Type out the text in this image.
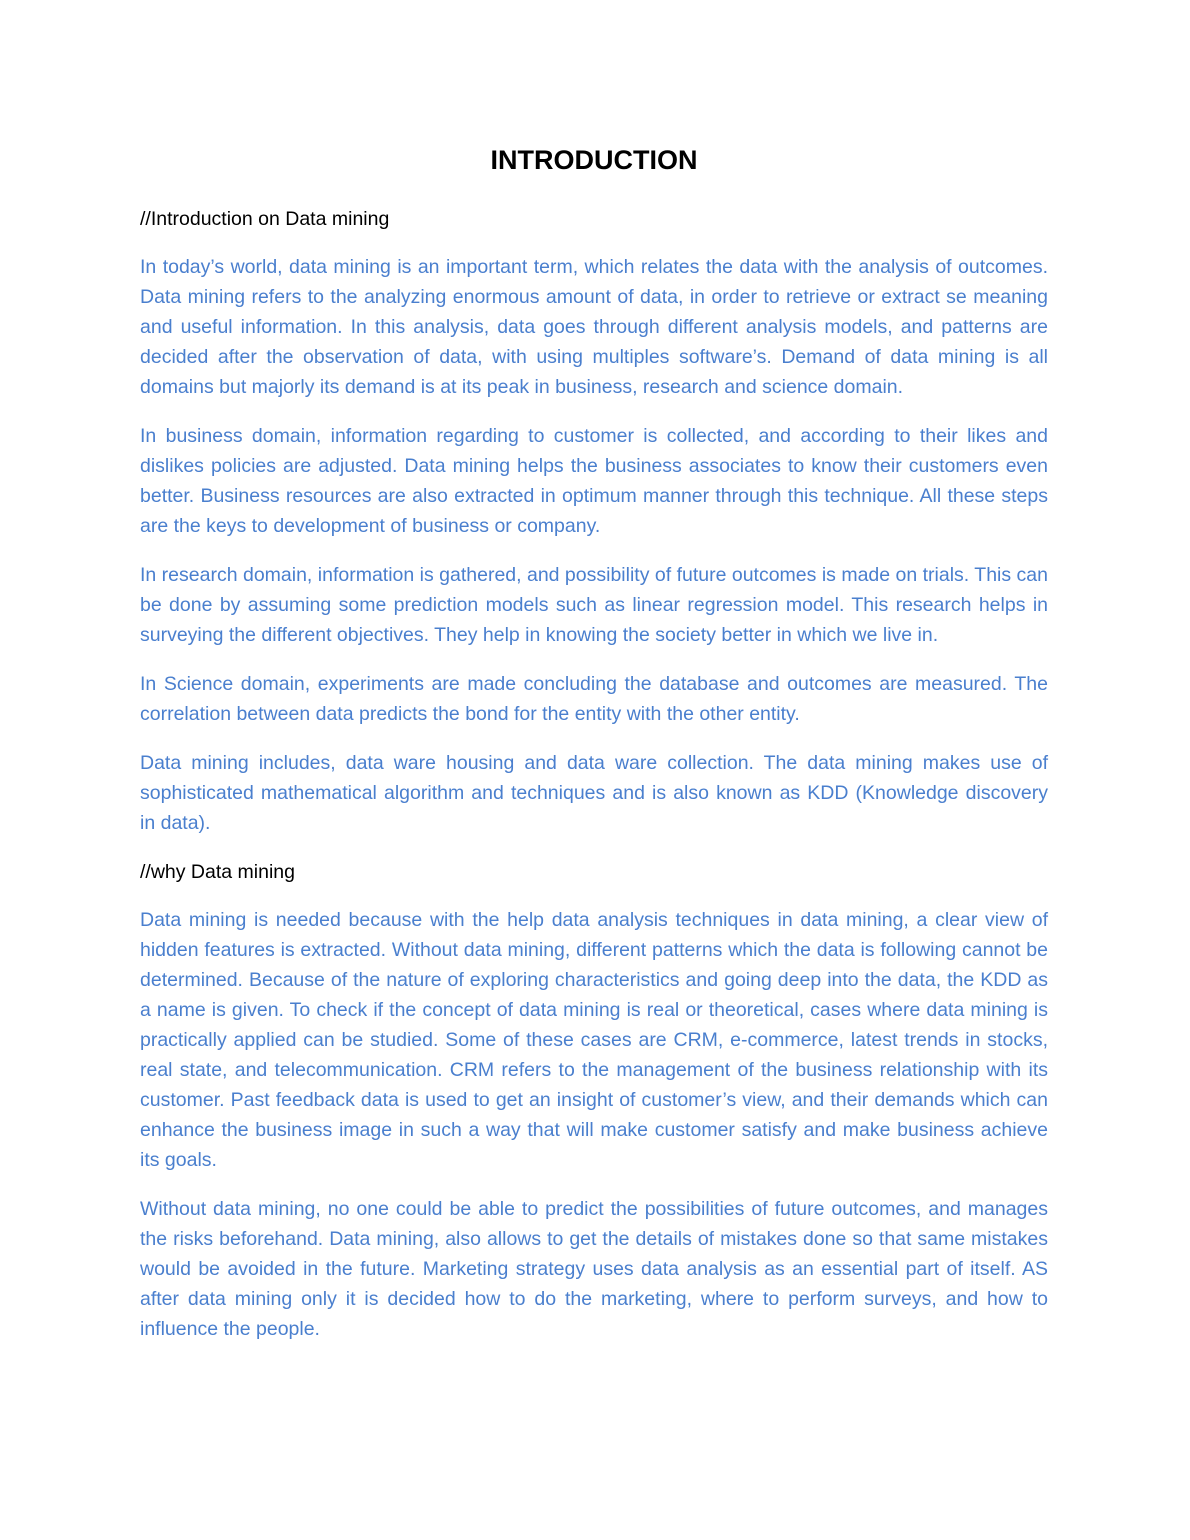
INTRODUCTION
//Introduction on Data mining

In today’s world, data mining is an important term, which relates the data with the analysis of outcomes. Data mining refers to the analyzing enormous amount of data, in order to retrieve or extract se meaning and useful information. In this analysis, data goes through different analysis models, and patterns are decided after the observation of data, with using multiples software’s. Demand of data mining is all domains but majorly its demand is at its peak in business, research and science domain.

In business domain, information regarding to customer is collected, and according to their likes and dislikes policies are adjusted. Data mining helps the business associates to know their customers even better. Business resources are also extracted in optimum manner through this technique. All these steps are the keys to development of business or company.

In research domain, information is gathered, and possibility of future outcomes is made on trials. This can be done by assuming some prediction models such as linear regression model. This research helps in surveying the different objectives. They help in knowing the society better in which we live in.

In Science domain, experiments are made concluding the database and outcomes are measured. The correlation between data predicts the bond for the entity with the other entity.

Data mining includes, data ware housing and data ware collection. The data mining makes use of sophisticated mathematical algorithm and techniques and is also known as KDD (Knowledge discovery in data).

//why Data mining

Data mining is needed because with the help data analysis techniques in data mining, a clear view of hidden features is extracted. Without data mining, different patterns which the data is following cannot be determined. Because of the nature of exploring characteristics and going deep into the data, the KDD as a name is given. To check if the concept of data mining is real or theoretical, cases where data mining is practically applied can be studied. Some of these cases are CRM, e-commerce, latest trends in stocks, real state, and telecommunication. CRM refers to the management of the business relationship with its customer. Past feedback data is used to get an insight of customer’s view, and their demands which can enhance the business image in such a way that will make customer satisfy and make business achieve its goals.

Without data mining, no one could be able to predict the possibilities of future outcomes, and manages the risks beforehand. Data mining, also allows to get the details of mistakes done so that same mistakes would be avoided in the future. Marketing strategy uses data analysis as an essential part of itself. AS after data mining only it is decided how to do the marketing, where to perform surveys, and how to influence the people.
